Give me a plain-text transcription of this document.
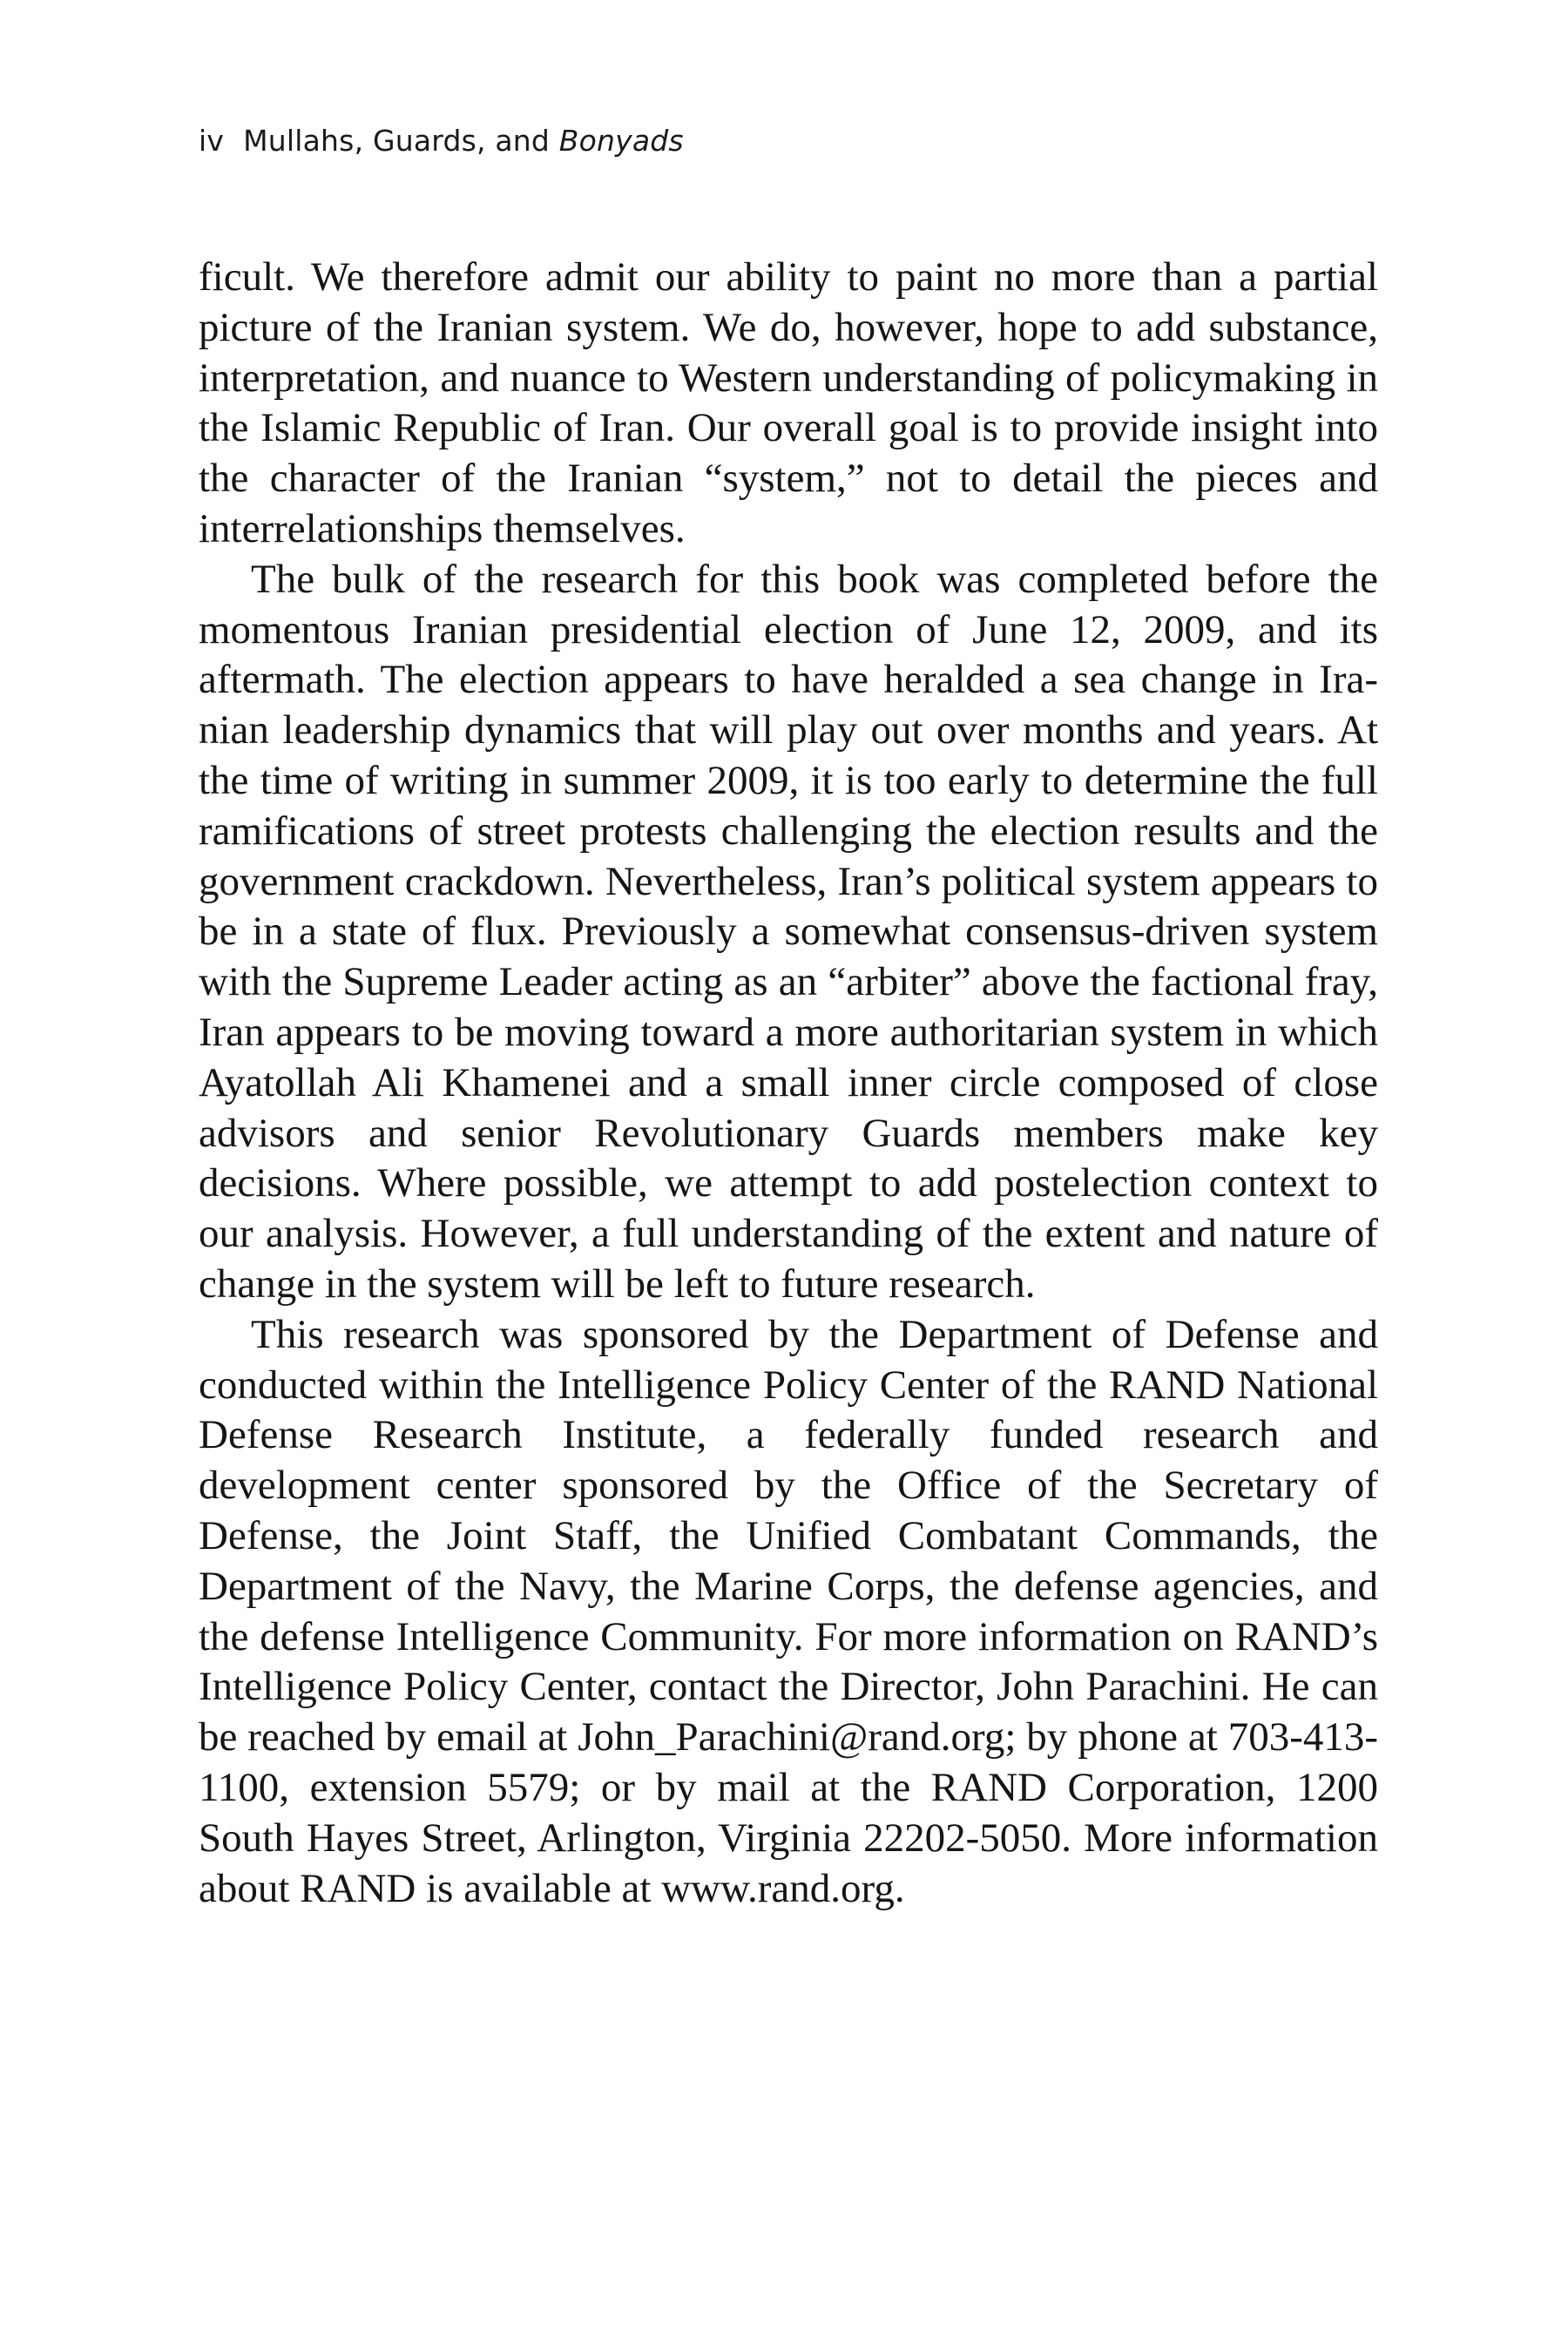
iv Mullahs, Guards, and Bonyads

ficult. We therefore admit our ability to paint no more than a partial picture of the Iranian system. We do, however, hope to add substance, interpretation, and nuance to Western understanding of policymaking in the Islamic Republic of Iran. Our overall goal is to provide insight into the character of the Iranian “system,” not to detail the pieces and interrelationships themselves.

The bulk of the research for this book was completed before the momentous Iranian presidential election of June 12, 2009, and its aftermath. The election appears to have heralded a sea change in Iranian leadership dynamics that will play out over months and years. At the time of writing in summer 2009, it is too early to determine the full ramifications of street protests challenging the election results and the government crackdown. Nevertheless, Iran’s political system appears to be in a state of flux. Previously a somewhat consensus-driven system with the Supreme Leader acting as an “arbiter” above the factional fray, Iran appears to be moving toward a more authoritarian system in which Ayatollah Ali Khamenei and a small inner circle composed of close advisors and senior Revolutionary Guards members make key decisions. Where possible, we attempt to add postelection context to our analysis. However, a full understanding of the extent and nature of change in the system will be left to future research.

This research was sponsored by the Department of Defense and conducted within the Intelligence Policy Center of the RAND National Defense Research Institute, a federally funded research and development center sponsored by the Office of the Secretary of Defense, the Joint Staff, the Unified Combatant Commands, the Department of the Navy, the Marine Corps, the defense agencies, and the defense Intelligence Community. For more information on RAND’s Intelligence Policy Center, contact the Director, John Parachini. He can be reached by email at John_Parachini@rand.org; by phone at 703-413-1100, extension 5579; or by mail at the RAND Corporation, 1200 South Hayes Street, Arlington, Virginia 22202-5050. More information about RAND is available at www.rand.org.
